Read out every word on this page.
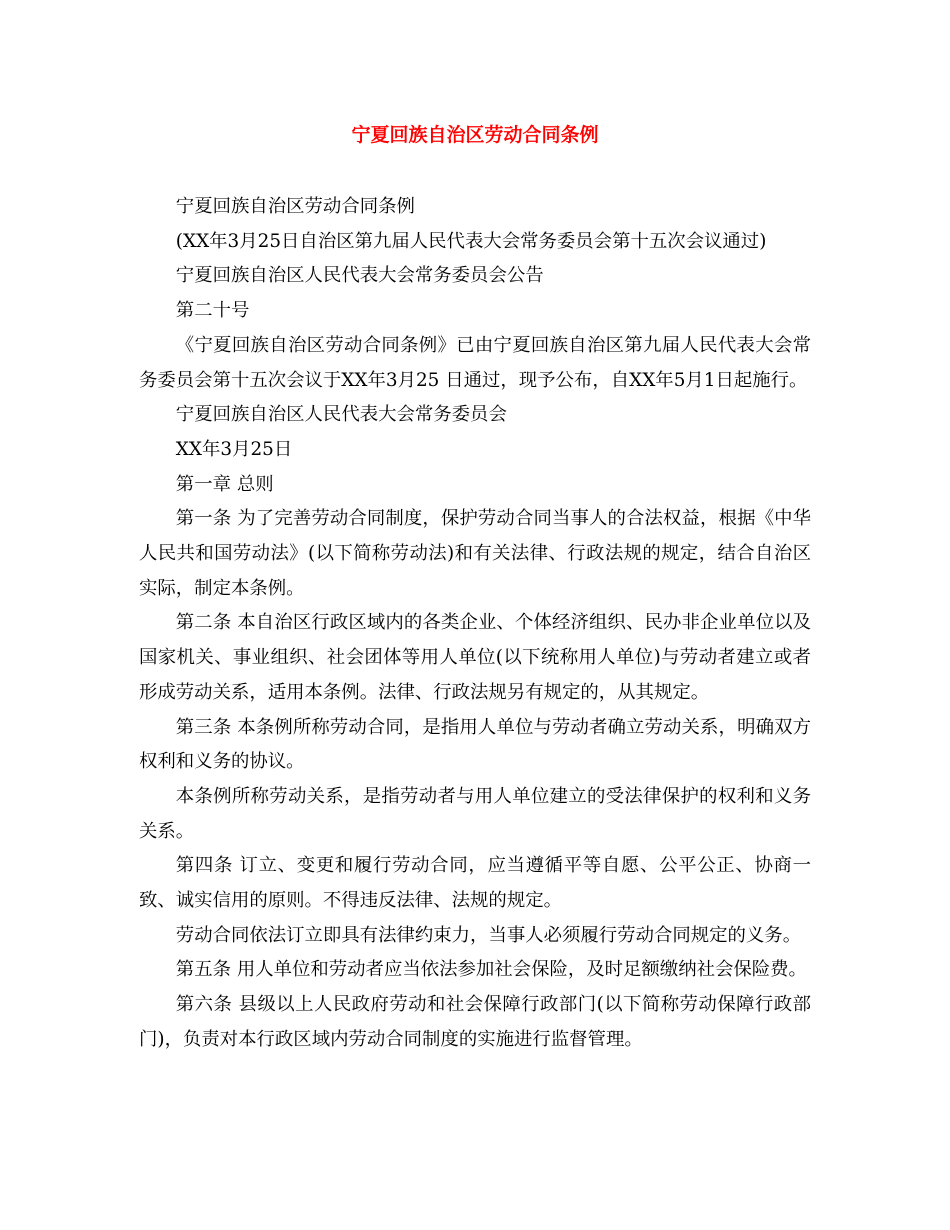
宁夏回族自治区劳动合同条例

宁夏回族自治区劳动合同条例

(XX年3月25日自治区第九届人民代表大会常务委员会第十五次会议通过)

宁夏回族自治区人民代表大会常务委员会公告

第二十号

《宁夏回族自治区劳动合同条例》已由宁夏回族自治区第九届人民代表大会常务委员会第十五次会议于XX年3月25 日通过，现予公布，自XX年5月1日起施行。

宁夏回族自治区人民代表大会常务委员会

XX年3月25日

第一章 总则

第一条 为了完善劳动合同制度，保护劳动合同当事人的合法权益，根据《中华人民共和国劳动法》(以下简称劳动法)和有关法律、行政法规的规定，结合自治区实际，制定本条例。

第二条 本自治区行政区域内的各类企业、个体经济组织、民办非企业单位以及国家机关、事业组织、社会团体等用人单位(以下统称用人单位)与劳动者建立或者形成劳动关系，适用本条例。法律、行政法规另有规定的，从其规定。

第三条 本条例所称劳动合同，是指用人单位与劳动者确立劳动关系，明确双方权利和义务的协议。

本条例所称劳动关系，是指劳动者与用人单位建立的受法律保护的权利和义务关系。

第四条 订立、变更和履行劳动合同，应当遵循平等自愿、公平公正、协商一致、诚实信用的原则。不得违反法律、法规的规定。

劳动合同依法订立即具有法律约束力，当事人必须履行劳动合同规定的义务。

第五条 用人单位和劳动者应当依法参加社会保险，及时足额缴纳社会保险费。

第六条 县级以上人民政府劳动和社会保障行政部门(以下简称劳动保障行政部门)，负责对本行政区域内劳动合同制度的实施进行监督管理。
